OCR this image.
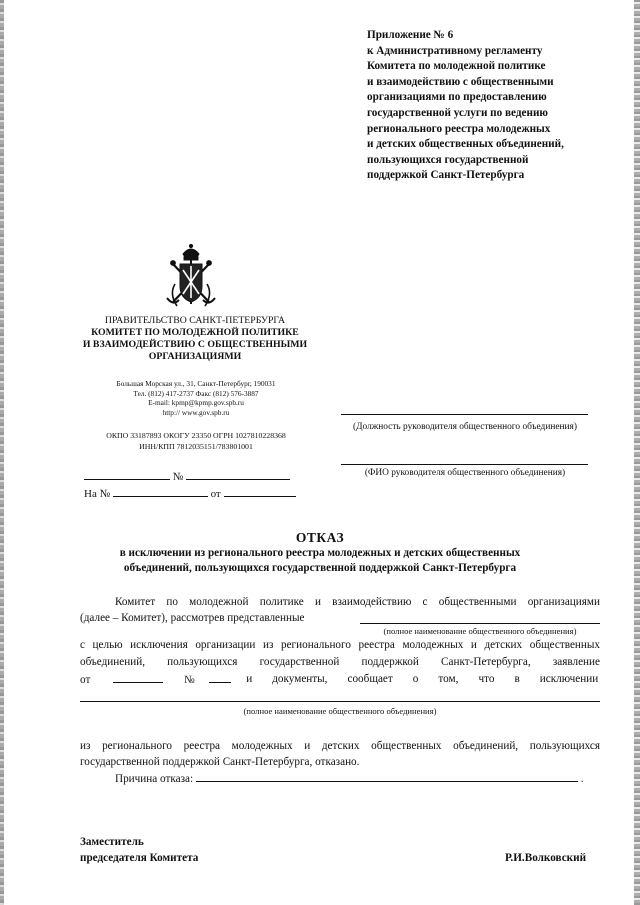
Приложение № 6
к Административному регламенту
Комитета по молодежной политике
и взаимодействию с общественными
организациями по предоставлению
государственной услуги по ведению
регионального реестра молодежных
и детских общественных объединений,
пользующихся государственной
поддержкой Санкт-Петербурга
ПРАВИТЕЛЬСТВО САНКТ-ПЕТЕРБУРГА
КОМИТЕТ ПО МОЛОДЕЖНОЙ ПОЛИТИКЕ
И ВЗАИМОДЕЙСТВИЮ С ОБЩЕСТВЕННЫМИ
ОРГАНИЗАЦИЯМИ
Большая Морская ул., 31, Санкт-Петербург, 190031
Тел. (812) 417-2737 Факс (812) 576-3887
E-mail: kpmp@kpmp.gov.spb.ru
http:// www.gov.spb.ru
ОКПО 33187893 ОКОГУ 23350 ОГРН 1027810228368
ИНН/КПП 7812035151/783801001
№
На №	от
(Должность руководителя общественного объединения)
(ФИО руководителя общественного объединения)
ОТКАЗ
в исключении из регионального реестра молодежных и детских общественных
объединений, пользующихся государственной поддержкой Санкт-Петербурга
Комитет по молодежной политике и взаимодействию с общественными организациями
(далее – Комитет), рассмотрев представленные
(полное наименование общественного объединения)
с целью исключения организации из регионального реестра молодежных и детских общественных
объединений, пользующихся государственной поддержкой Санкт-Петербурга, заявление
от	№	и документы, сообщает о том, что в исключении
(полное наименование общественного объединения)
из регионального реестра молодежных и детских общественных объединений, пользующихся
государственной поддержкой Санкт-Петербурга, отказано.
Причина отказа:	.
Заместитель
председателя Комитета	Р.И.Волковский
